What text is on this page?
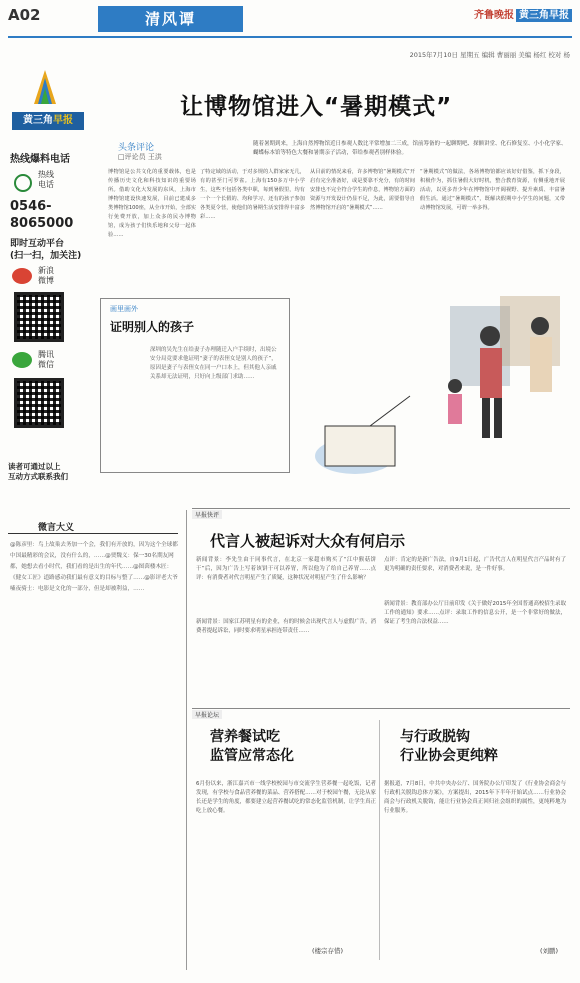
A02	清风谭	齐鲁晚报 黄三角早报
2015年7月10日 星期五 编辑 曹丽丽 美编 杨红 校对 杨
黄三角早报
热线爆料电话
热线
电话
0546-
8065000
即时互动平台
(扫一扫，加关注)
新浪
微博
腾讯
微信
读者可通过以上
互动方式联系我们
让博物馆进入“暑期模式”
头条评论
□评论员 王洪
随着暑期到来，上海自然博物馆近日参观人数比平常增加二三成，馆前筹备的一起聊期吧、探额讲堂、化石修复室、小小化学家、蝴蝶标本馆等特色大餐和暑期亲子活动，带给参观者别样体验。
博物馆是公共文化的重要载体，也是传播历史文化和科技知识的重要场所。借助文化大发展的东风，上海市博物馆建设快速发展，目前已建成多类博物馆100座，从全市开始，全部实行免费开放，加上众多的民办博物馆，成为孩子们快乐地和父母一起体验……
了特定域的活动，于对多规的人群家家无几，有的甚至门可罗雀。上海有150多万中小学生，这些不包括各类中职，每到暑假里，均有一个一个长假的、均和学习、还有的孩子参加各类夏令营，使他们的暑期生活安排得丰富多彩……
从目前的情况来看，许多博物馆“暑期模式”开启有完全准备好，或是要靠不充分，有的时间安排也不完全符合学生的作息，博物馆方面的资源与开发设计仍显不足，为此，需要借导自然博物馆开启的“暑期模式”……
“暑期模式”的做法，各场博物馆都应该好好借鉴，抓下身段，积极作为，抓住暑假大好时机，整合教育资源，有侧重地开展活动，以更多青少年在博物馆中开阔视野、提升素质、丰富暑假生活。通过“暑期模式”，既解决假期中小学生的问题，又带动博物馆发展，可谓一举多得。
画里画外
证明别人的孩子
深圳的吴先生在给妻子办理随迁入户手续时，出境公安分局竟要求他证明“妻子的表侄女是别人的孩子”，原因是妻子与表侄女在同一户口本上，但其他人亲戚关系却无法证明，只好向上级部门求助……
微言大义
@陈彦里：鸟上故巢去务加一个会，我们有开放的，因为这个全球都中国最精彩的会议，没有什么的，……@贾魏义：保一30名期友网都，她想去看小时代，我们看的是出生的年代……@图茵楼木匠：《健女工匠》道路感动我们最有意义的目标与整了……@影评老大爷嗑夜骑士：电影是文化的一部分，但是却被利益，……
早报快评
代言人被起诉对大众有何启示
新闻背景：李先生由于同事代言，在北京一家超市购买了“江中猴菇饼干”后，因为广告上写着该饼干可以养胃，所以他为了给自己养胃……点评：有消费者对代言明星产生了质疑，这种状况对明星产生了什么影响？
新闻背景：国家江苏明星有的企业，有的时候会出现代言人与虚假广告，消费者提起诉讼，同时要求明星承担连带责任……
点评：肯定的是新广告法，自9月1日起，广告代言人在明星代言产品时有了更为明确的责任要求，对消费者来说，是一件好事。
新闻背景：教育部办公厅日前印发《关于做好2015年全国普通高校招生录取工作的通知》要求……点评：录取工作的信息公开，是一个非常好的做法，保证了考生的合法权益……
早报论坛
营养餐试吃
监管应常态化
与行政脱钩
行业协会更纯粹
6月份以来，浙江嘉兴市一线学校校园与市交流学生营养餐一起吃饭，记者发现，有学校与食品营养餐的菜品、营养搭配……对于校园午餐，无论从家长还是学生的角度，都要建立起营养餐试吃的常态化监管机制，让学生真正吃上放心餐。
据报道，7月8日，中共中央办公厅、国务院办公厅印发了《行业协会商会与行政机关脱钩总体方案》，方案提出，2015年下半年开始试点……行业协会商会与行政机关脱钩，能让行业协会真正回归社会组织的属性，更纯粹地为行业服务。
(楼宗存惜)	(刘鹏)
